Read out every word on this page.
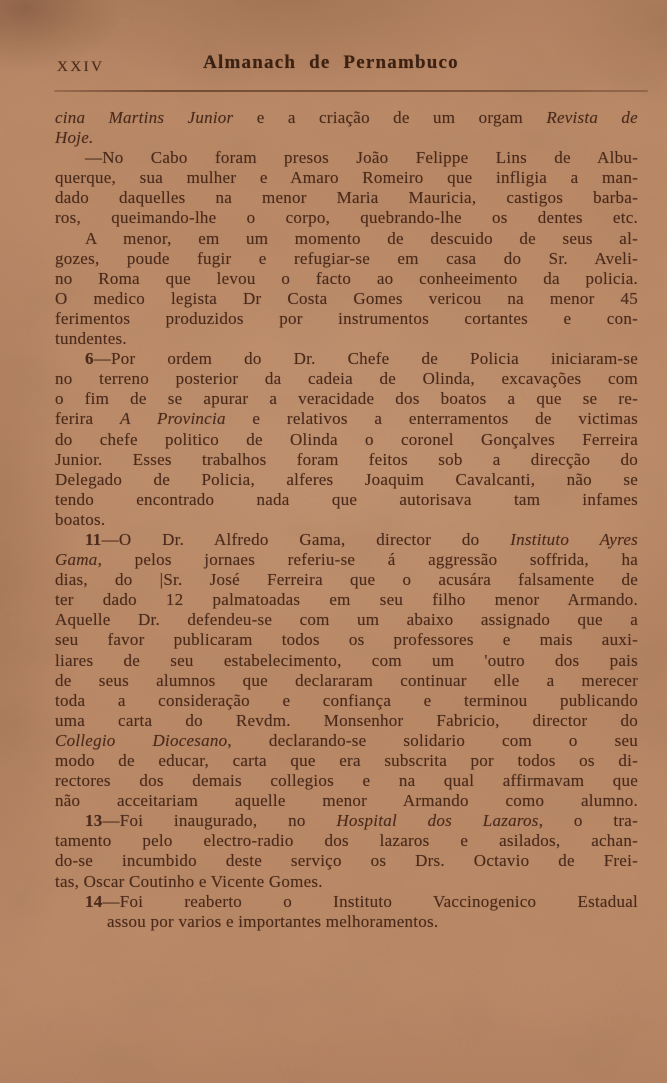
XXIV	Almanach de Pernambuco
cina Martins Junior e a criação de um orgam Revista de
Hoje.
—No Cabo foram presos João Felippe Lins de Albu-
querque, sua mulher e Amaro Romeiro que infligia a man-
dado daquelles na menor Maria Mauricia, castigos barba-
ros, queimando-lhe o corpo, quebrando-lhe os dentes etc.
A menor, em um momento de descuido de seus al-
gozes, poude fugir e refugiar-se em casa do Sr. Aveli-
no Roma que levou o facto ao conheeimento da policia.
O medico legista Dr Costa Gomes vericou na menor 45
ferimentos produzidos por instrumentos cortantes e con-
tundentes.
6—Por ordem do Dr. Chefe de Policia iniciaram-se
no terreno posterior da cadeia de Olinda, excavações com
o fim de se apurar a veracidade dos boatos a que se re-
ferira A Provincia e relativos a enterramentos de victimas
do chefe politico de Olinda o coronel Gonçalves Ferreira
Junior. Esses trabalhos foram feitos sob a direcção do
Delegado de Policia, alferes Joaquim Cavalcanti, não se
tendo encontrado nada que autorisava tam infames
boatos.
11—O Dr. Alfredo Gama, director do Instituto Ayres
Gama, pelos jornaes referiu-se á aggressão soffrida, ha
dias, do |Sr. José Ferreira que o acusára falsamente de
ter dado 12 palmatoadas em seu filho menor Armando.
Aquelle Dr. defendeu-se com um abaixo assignado que a
seu favor publicaram todos os professores e mais auxi-
liares de seu estabelecimento, com um 'outro dos pais
de seus alumnos que declararam continuar elle a merecer
toda a consideração e confiança e terminou publicando
uma carta do Revdm. Monsenhor Fabricio, director do
Collegio Diocesano, declarando-se solidario com o seu
modo de educar, carta que era subscrita por todos os di-
rectores dos demais collegios e na qual affirmavam que
não acceitariam aquelle menor Armando como alumno.
13—Foi inaugurado, no Hospital dos Lazaros, o tra-
tamento pelo electro-radio dos lazaros e asilados, achan-
do-se incumbido deste serviço os Drs. Octavio de Frei-
tas, Oscar Coutinho e Vicente Gomes.
14—Foi reaberto o Instituto Vaccinogenico Estadual
assou por varios e importantes melhoramentos.
